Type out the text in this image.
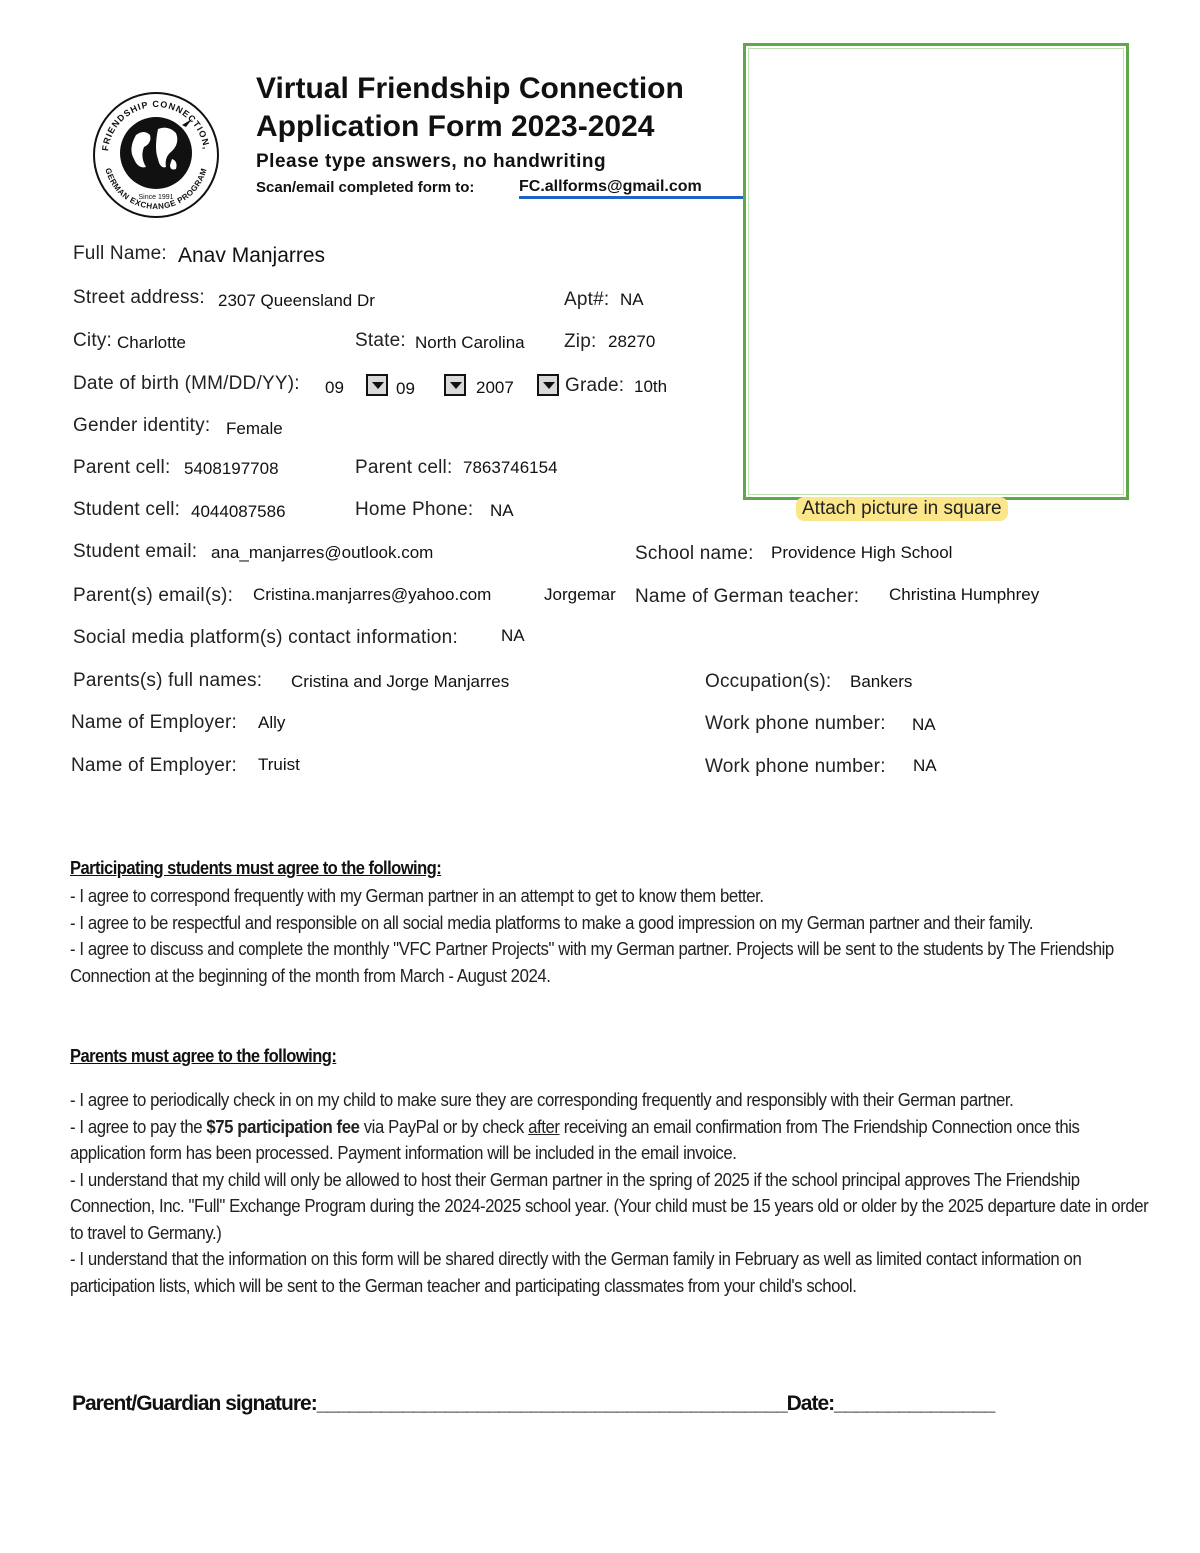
FRIENDSHIP CONNECTION,
GERMAN EXCHANGE PROGRAM
Since 1991
Virtual Friendship Connection
Application Form 2023-2024
Please type answers, no handwriting
Scan/email completed form to:	FC.allforms@gmail.com
Attach picture in square
Full Name: Anav Manjarres
Street address: 2307 Queensland Dr	Apt#: NA
City: Charlotte	State: North Carolina Zip: 28270
Date of birth (MM/DD/YY): 09	09	2007	Grade: 10th
Gender identity: Female
Parent cell: 5408197708	Parent cell: 7863746154
Student cell: 4044087586	Home Phone: NA
Student email: ana_manjarres@outlook.com	School name: Providence High School
Parent(s) email(s): Cristina.manjarres@yahoo.com	Jorgemar Name of German teacher: Christina Humphrey
Social media platform(s) contact information:	NA
Parents(s) full names: Cristina and Jorge Manjarres	Occupation(s): Bankers
Name of Employer: Ally	Work phone number: NA
Name of Employer: Truist	Work phone number: NA
Participating students must agree to the following:

- I agree to correspond frequently with my German partner in an attempt to get to know them better.

- I agree to be respectful and responsible on all social media platforms to make a good impression on my German partner and their family.

- I agree to discuss and complete the monthly "VFC Partner Projects" with my German partner. Projects will be sent to the students by The Friendship Connection at the beginning of the month from March - August 2024.

Parents must agree to the following:

- I agree to periodically check in on my child to make sure they are corresponding frequently and responsibly with their German partner.

- I agree to pay the $75 participation fee via PayPal or by check after receiving an email confirmation from The Friendship Connection once this application form has been processed. Payment information will be included in the email invoice.

- I understand that my child will only be allowed to host their German partner in the spring of 2025 if the school principal approves The Friendship Connection, Inc. "Full" Exchange Program during the 2024-2025 school year. (Your child must be 15 years old or older by the 2025 departure date in order to travel to Germany.)

- I understand that the information on this form will be shared directly with the German family in February as well as limited contact information on participation lists, which will be sent to the German teacher and participating classmates from your child's school.

Parent/Guardian signature:____________________________________________Date:_______________
